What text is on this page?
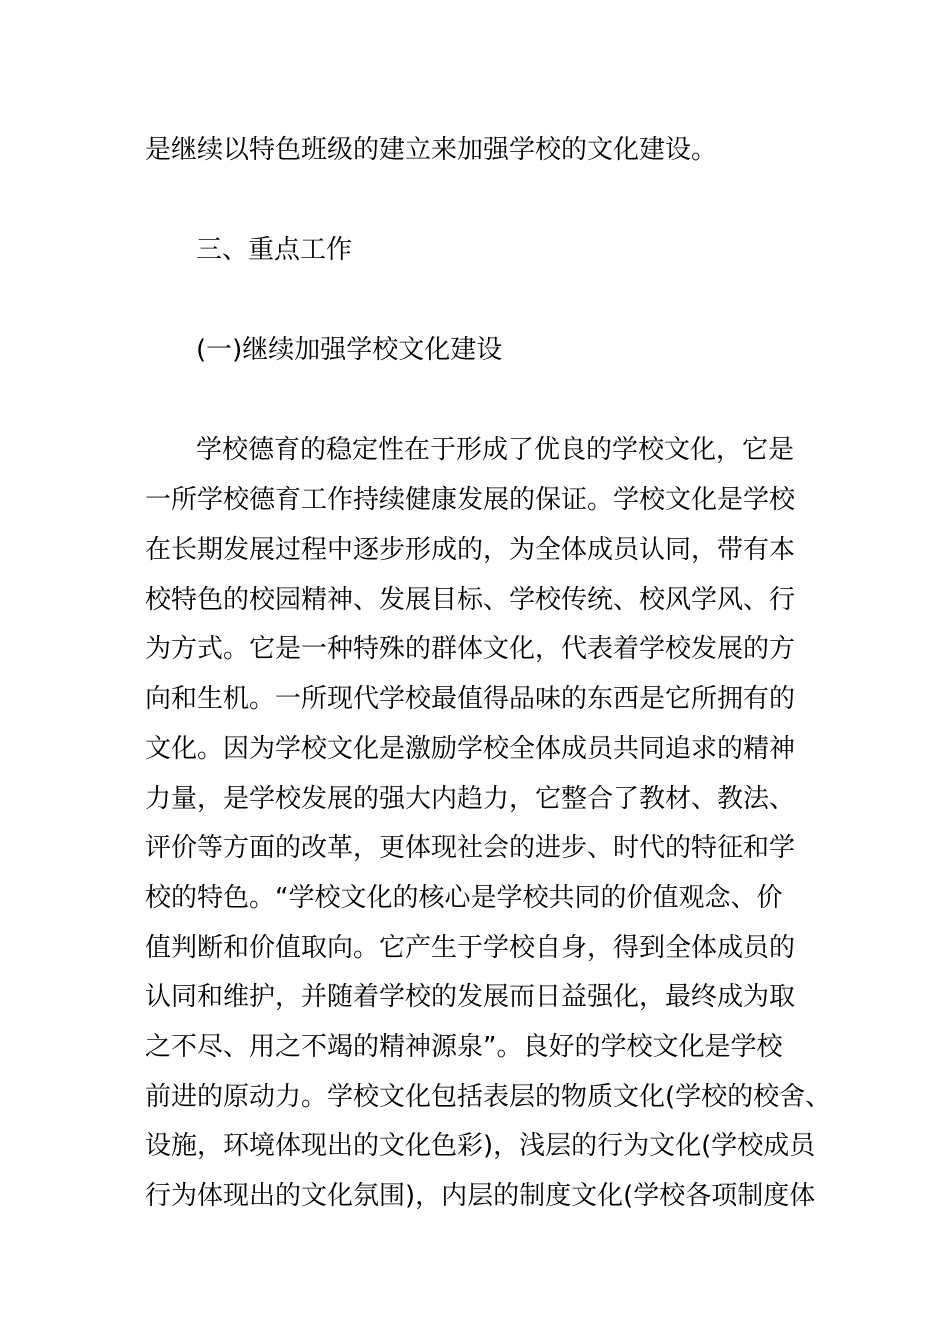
是继续以特色班级的建立来加强学校的文化建设。

三、重点工作

(一)继续加强学校文化建设

学校德育的稳定性在于形成了优良的学校文化，它是

一所学校德育工作持续健康发展的保证。学校文化是学校

在长期发展过程中逐步形成的，为全体成员认同，带有本

校特色的校园精神、发展目标、学校传统、校风学风、行

为方式。它是一种特殊的群体文化，代表着学校发展的方

向和生机。一所现代学校最值得品味的东西是它所拥有的

文化。因为学校文化是激励学校全体成员共同追求的精神

力量，是学校发展的强大内趋力，它整合了教材、教法、

评价等方面的改革，更体现社会的进步、时代的特征和学

校的特色。“学校文化的核心是学校共同的价值观念、价

值判断和价值取向。它产生于学校自身，得到全体成员的

认同和维护，并随着学校的发展而日益强化，最终成为取

之不尽、用之不竭的精神源泉”。良好的学校文化是学校

前进的原动力。学校文化包括表层的物质文化(学校的校舍、

设施，环境体现出的文化色彩)，浅层的行为文化(学校成员

行为体现出的文化氛围)，内层的制度文化(学校各项制度体
